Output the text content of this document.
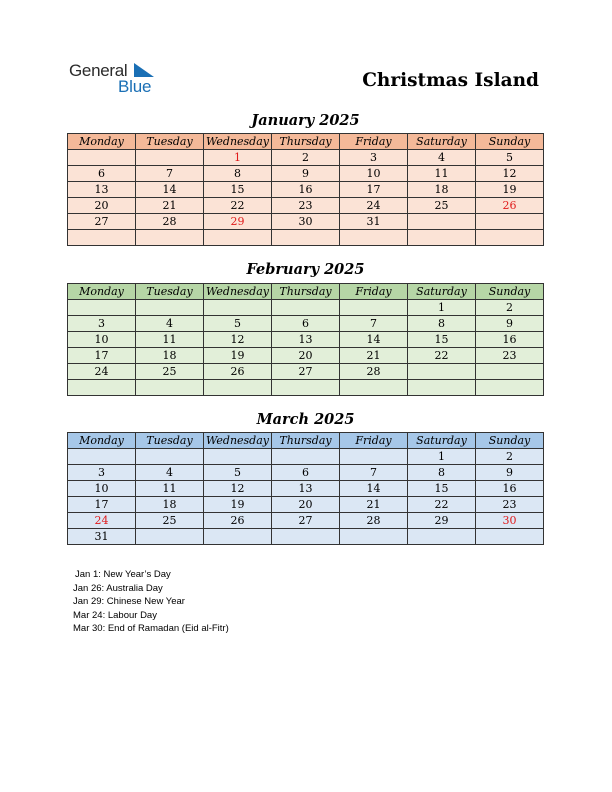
General
Blue	Christmas Island
January 2025
Monday	Tuesday	Wednesday	Thursday	Friday	Saturday	Sunday
		1	2	3	4	5
6	7	8	9	10	11	12
13	14	15	16	17	18	19
20	21	22	23	24	25	26
27	28	29	30	31		

February 2025
Monday	Tuesday	Wednesday	Thursday	Friday	Saturday	Sunday
					1	2
3	4	5	6	7	8	9
10	11	12	13	14	15	16
17	18	19	20	21	22	23
24	25	26	27	28		

March 2025
Monday	Tuesday	Wednesday	Thursday	Friday	Saturday	Sunday
					1	2
3	4	5	6	7	8	9
10	11	12	13	14	15	16
17	18	19	20	21	22	23
24	25	26	27	28	29	30
31						
Jan 1: New Year’s Day
Jan 26: Australia Day
Jan 29: Chinese New Year
Mar 24: Labour Day
Mar 30: End of Ramadan (Eid al-Fitr)
